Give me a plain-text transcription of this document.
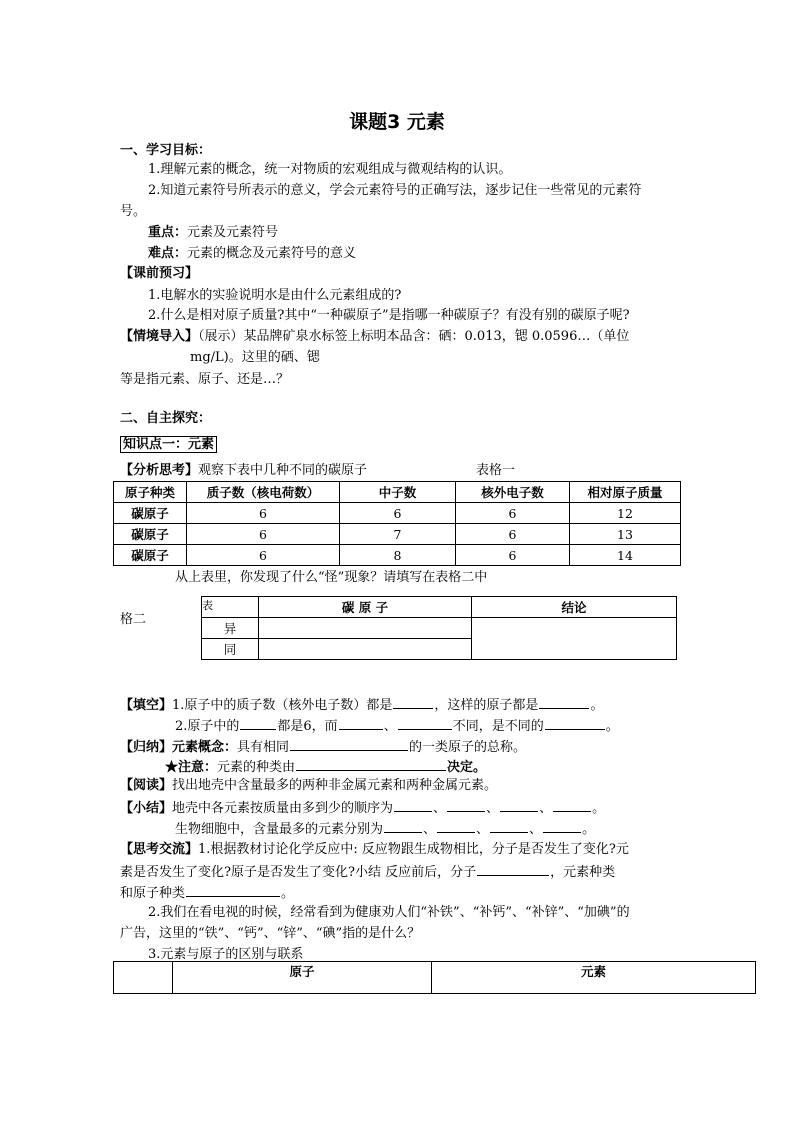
课题3 元素
一、学习目标：
1.理解元素的概念，统一对物质的宏观组成与微观结构的认识。
2.知道元素符号所表示的意义，学会元素符号的正确写法，逐步记住一些常见的元素符
号。
重点：元素及元素符号
难点：元素的概念及元素符号的意义
【课前预习】
1.电解水的实验说明水是由什么元素组成的?
2.什么是相对原子质量?其中“一种碳原子”是指哪一种碳原子？有没有别的碳原子呢?
【情境导入】（展示）某品牌矿泉水标签上标明本品含：硒：0.013，锶 0.0596…（单位
mg/L)。这里的硒、锶
等是指元素、原子、还是…？
二、自主探究：
知识点一：元素
【分析思考】观察下表中几种不同的碳原子	表格一
原子种类	质子数（核电荷数）	中子数	核外电子数	相对原子质量
碳原子	6	6	6	12
碳原子	6	7	6	13
碳原子	6	8	6	14
从上表里，你发现了什么“怪”现象？请填写在表格二中
格二
表	碳 原 子	结论
异		
同		
【填空】1.原子中的质子数（核外电子数）都是	，这样的原子都是	。
2.原子中的	都是6，而	、	不同，是不同的	。
【归纳】元素概念：具有相同	的一类原子的总称。
★注意：元素的种类由	决定。
【阅读】找出地壳中含量最多的两种非金属元素和两种金属元素。
【小结】地壳中各元素按质量由多到少的顺序为	、	、	、	。
生物细胞中，含量最多的元素分别为	、	、	、	。
【思考交流】1.根据教材讨论化学反应中: 反应物跟生成物相比，分子是否发生了变化?元
素是否发生了变化?原子是否发生了变化?小结 反应前后，分子	，元素种类
和原子种类	。
2.我们在看电视的时候，经常看到为健康劝人们“补铁”、“补钙”、“补锌”、“加碘”的
广告，这里的“铁”、“钙”、“锌”、“碘”指的是什么？
3.元素与原子的区别与联系
	原子	元素
